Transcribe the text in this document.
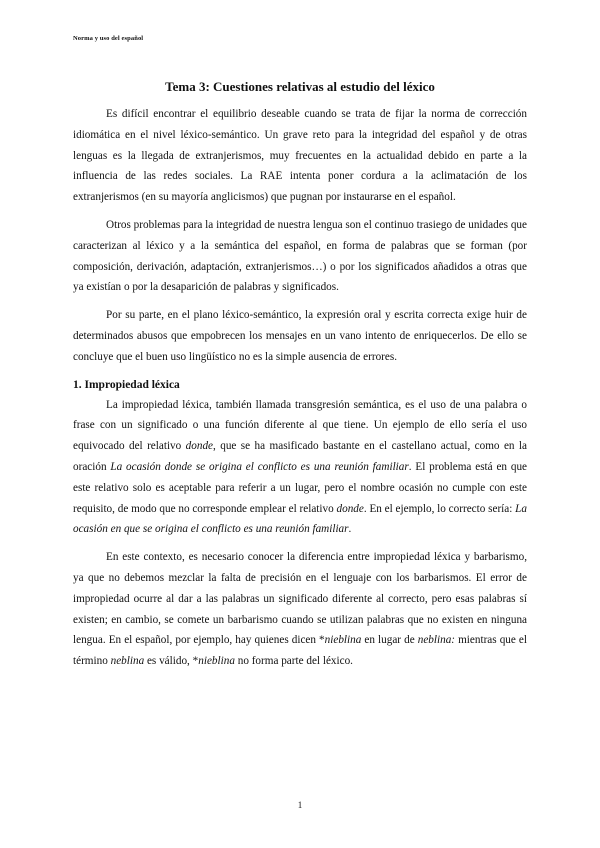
Norma y uso del español
Tema 3: Cuestiones relativas al estudio del léxico

Es difícil encontrar el equilibrio deseable cuando se trata de fijar la norma de corrección idiomática en el nivel léxico-semántico. Un grave reto para la integridad del español y de otras lenguas es la llegada de extranjerismos, muy frecuentes en la actualidad debido en parte a la influencia de las redes sociales. La RAE intenta poner cordura a la aclimatación de los extranjerismos (en su mayoría anglicismos) que pugnan por instaurarse en el español.

Otros problemas para la integridad de nuestra lengua son el continuo trasiego de unidades que caracterizan al léxico y a la semántica del español, en forma de palabras que se forman (por composición, derivación, adaptación, extranjerismos…) o por los significados añadidos a otras que ya existían o por la desaparición de palabras y significados.

Por su parte, en el plano léxico-semántico, la expresión oral y escrita correcta exige huir de determinados abusos que empobrecen los mensajes en un vano intento de enriquecerlos. De ello se concluye que el buen uso lingüístico no es la simple ausencia de errores.

1. Impropiedad léxica

La impropiedad léxica, también llamada transgresión semántica, es el uso de una palabra o frase con un significado o una función diferente al que tiene. Un ejemplo de ello sería el uso equivocado del relativo donde, que se ha masificado bastante en el castellano actual, como en la oración La ocasión donde se origina el conflicto es una reunión familiar. El problema está en que este relativo solo es aceptable para referir a un lugar, pero el nombre ocasión no cumple con este requisito, de modo que no corresponde emplear el relativo donde. En el ejemplo, lo correcto sería: La ocasión en que se origina el conflicto es una reunión familiar.

En este contexto, es necesario conocer la diferencia entre impropiedad léxica y barbarismo, ya que no debemos mezclar la falta de precisión en el lenguaje con los barbarismos. El error de impropiedad ocurre al dar a las palabras un significado diferente al correcto, pero esas palabras sí existen; en cambio, se comete un barbarismo cuando se utilizan palabras que no existen en ninguna lengua. En el español, por ejemplo, hay quienes dicen *nieblina en lugar de neblina: mientras que el término neblina es válido, *nieblina no forma parte del léxico.

1
